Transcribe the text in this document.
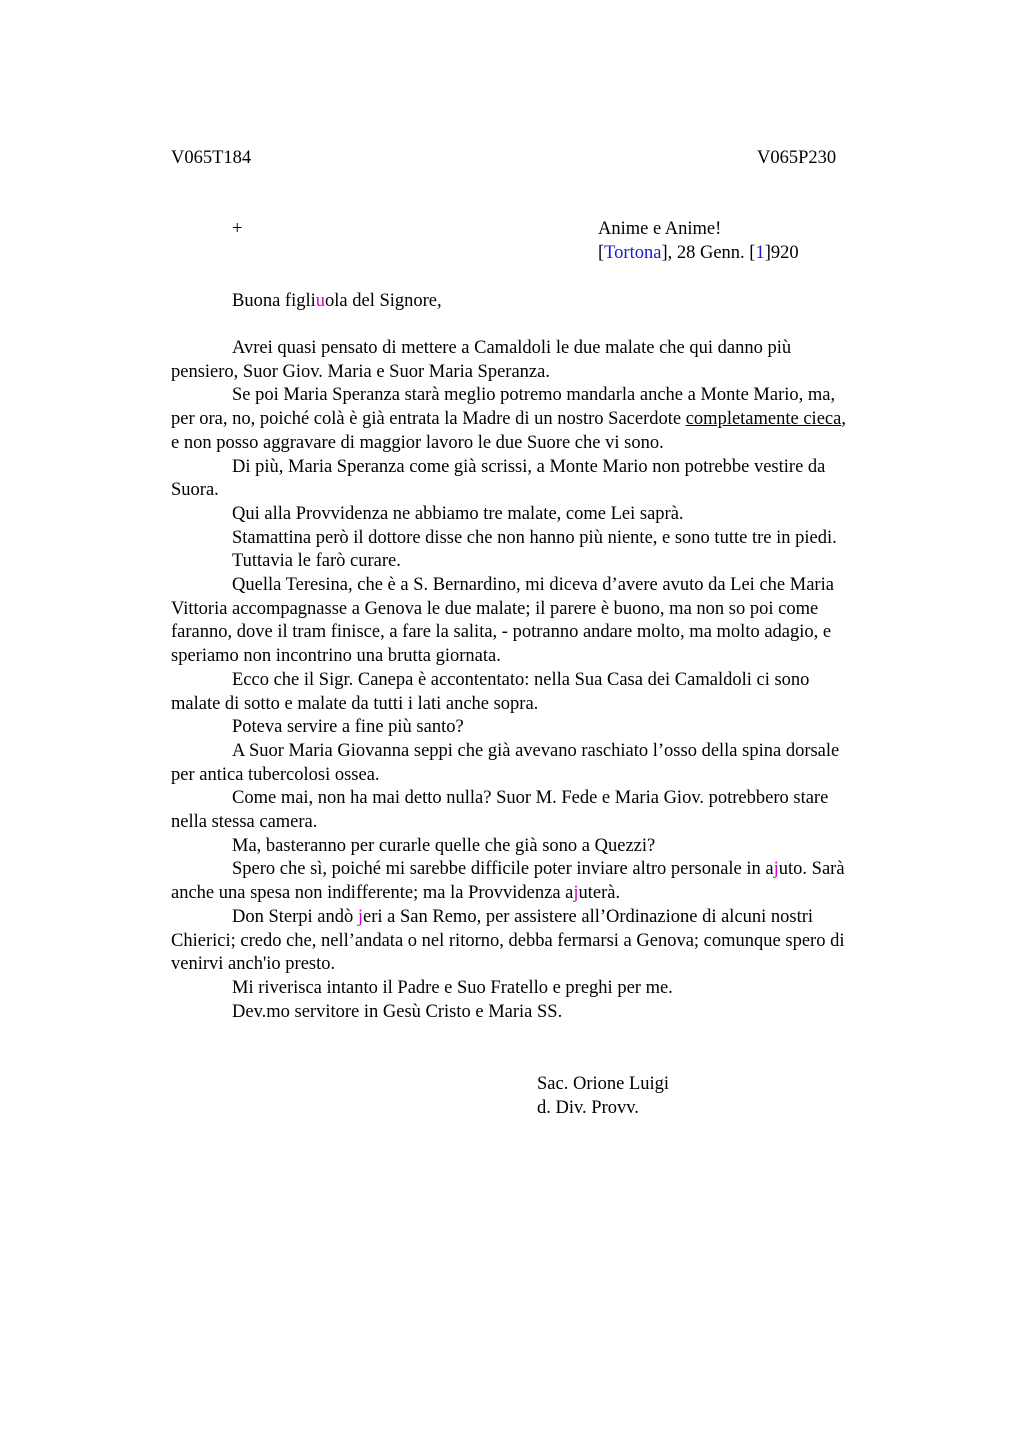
V065T184	V065P230
+	Anime e Anime!
[Tortona], 28 Genn. [1]920
Buona figliuola del Signore,

Avrei quasi pensato di mettere a Camaldoli le due malate che qui danno più

pensiero, Suor Giov. Maria e Suor Maria Speranza.

Se poi Maria Speranza starà meglio potremo mandarla anche a Monte Mario, ma,

per ora, no, poiché colà è già entrata la Madre di un nostro Sacerdote completamente cieca,

e non posso aggravare di maggior lavoro le due Suore che vi sono.

Di più, Maria Speranza come già scrissi, a Monte Mario non potrebbe vestire da

Suora.

Qui alla Provvidenza ne abbiamo tre malate, come Lei saprà.

Stamattina però il dottore disse che non hanno più niente, e sono tutte tre in piedi.

Tuttavia le farò curare.

Quella Teresina, che è a S. Bernardino, mi diceva d’avere avuto da Lei che Maria

Vittoria accompagnasse a Genova le due malate; il parere è buono, ma non so poi come

faranno, dove il tram finisce, a fare la salita, - potranno andare molto, ma molto adagio, e

speriamo non incontrino una brutta giornata.

Ecco che il Sigr. Canepa è accontentato: nella Sua Casa dei Camaldoli ci sono

malate di sotto e malate da tutti i lati anche sopra.

Poteva servire a fine più santo?

A Suor Maria Giovanna seppi che già avevano raschiato l’osso della spina dorsale

per antica tubercolosi ossea.

Come mai, non ha mai detto nulla? Suor M. Fede e Maria Giov. potrebbero stare

nella stessa camera.

Ma, basteranno per curarle quelle che già sono a Quezzi?

Spero che sì, poiché mi sarebbe difficile poter inviare altro personale in ajuto. Sarà

anche una spesa non indifferente; ma la Provvidenza ajuterà.

Don Sterpi andò jeri a San Remo, per assistere all’Ordinazione di alcuni nostri

Chierici; credo che, nell’andata o nel ritorno, debba fermarsi a Genova; comunque spero di

venirvi anch'io presto.

Mi riverisca intanto il Padre e Suo Fratello e preghi per me.

Dev.mo servitore in Gesù Cristo e Maria SS.

Sac. Orione Luigi
d. Div. Provv.
